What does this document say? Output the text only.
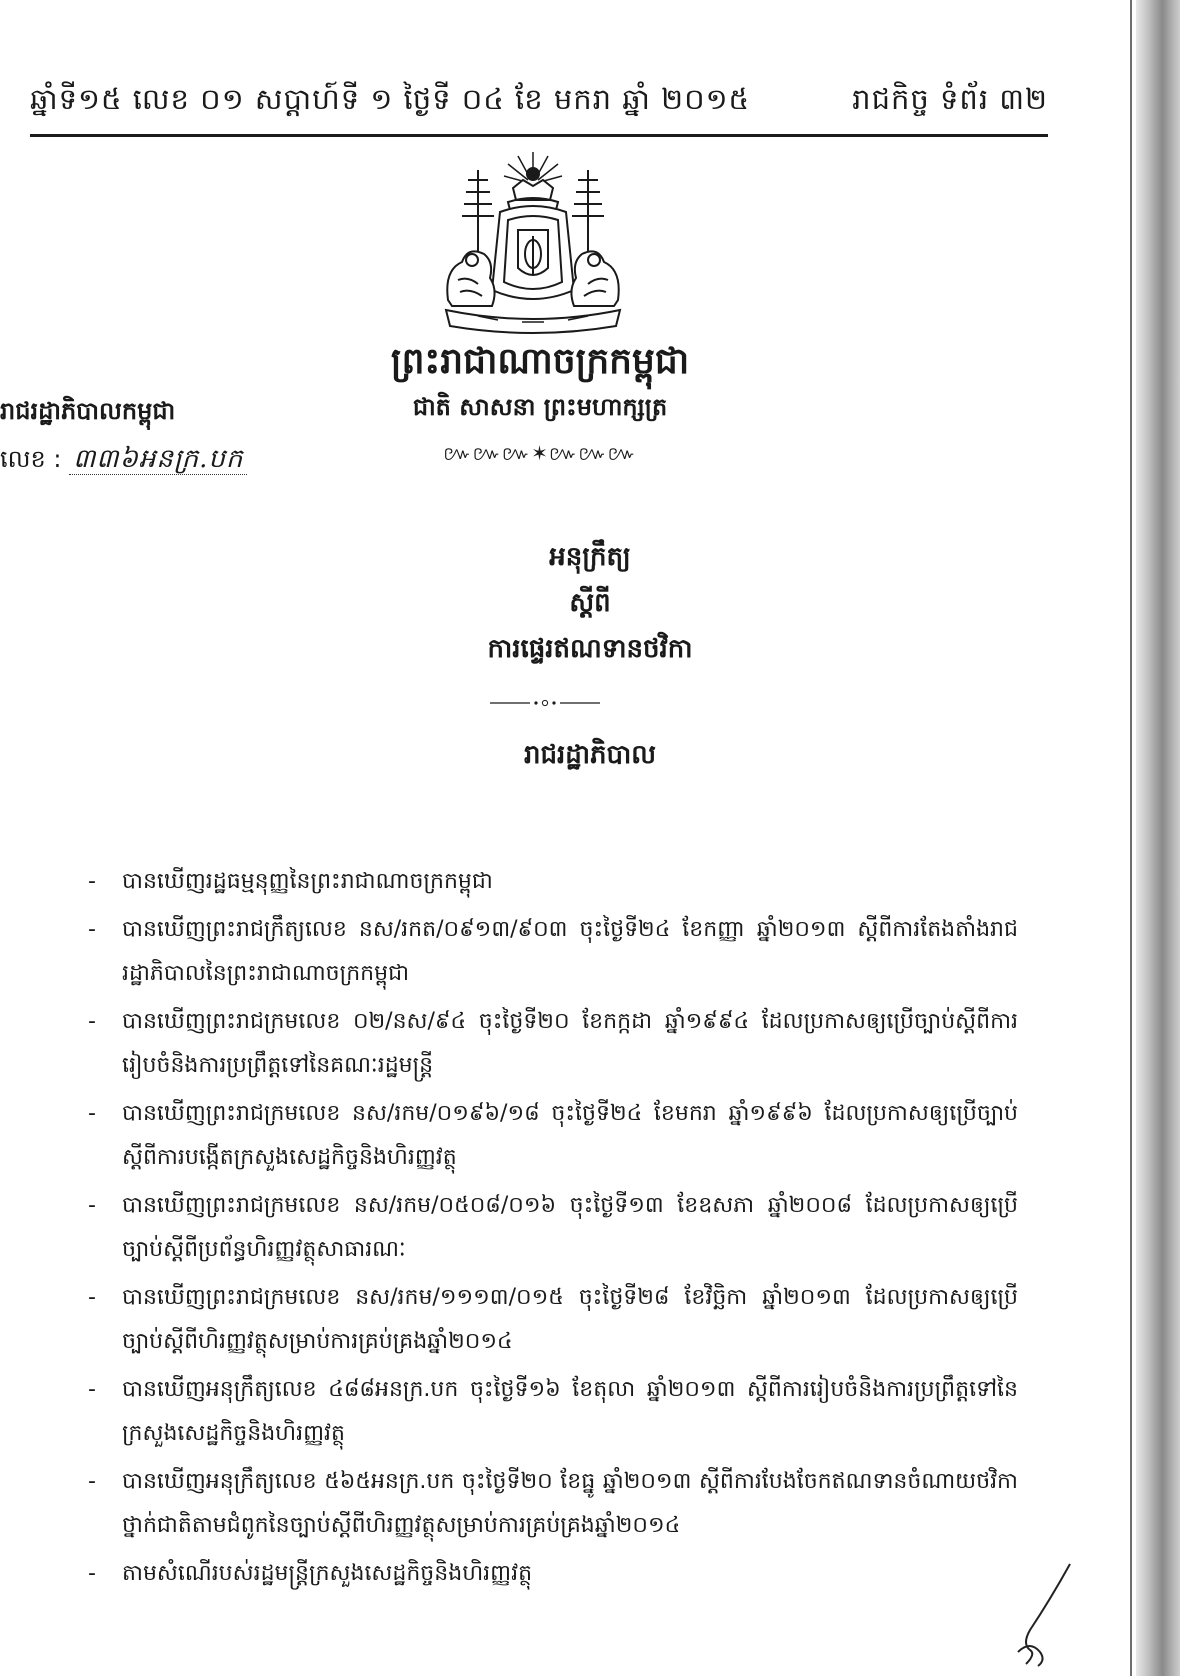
ឆ្នាំទី១៥ លេខ ០១ សប្តាហ៍ទី ១ ថ្ងៃទី ០៤ ខែ មករា ឆ្នាំ ២០១៥	រាជកិច្ច ទំព័រ ៣២
ព្រះរាជាណាចក្រកម្ពុជា
ជាតិ សាសនា ព្រះមហាក្សត្រ
៚៚៚✶៚៚៚
រាជរដ្ឋាភិបាលកម្ពុជា
លេខ : ៣៣៦អនក្រ.បក
អនុក្រឹត្យ
ស្តីពី
ការផ្ទេរឥណទានថវិកា
រាជរដ្ឋាភិបាល
- បានឃើញរដ្ឋធម្មនុញ្ញនៃព្រះរាជាណាចក្រកម្ពុជា
- បានឃើញព្រះរាជក្រឹត្យលេខ នស/រកត/០៩១៣/៩០៣ ចុះថ្ងៃទី២៤ ខែកញ្ញា ឆ្នាំ២០១៣ ស្តីពីការតែងតាំងរាជរដ្ឋាភិបាលនៃព្រះរាជាណាចក្រកម្ពុជា
- បានឃើញព្រះរាជក្រមលេខ ០២/នស/៩៤ ចុះថ្ងៃទី២០ ខែកក្កដា ឆ្នាំ១៩៩៤ ដែលប្រកាសឲ្យប្រើច្បាប់ស្តីពីការរៀបចំនិងការប្រព្រឹត្តទៅនៃគណៈរដ្ឋមន្ត្រី
- បានឃើញព្រះរាជក្រមលេខ នស/រកម/០១៩៦/១៨ ចុះថ្ងៃទី២៤ ខែមករា ឆ្នាំ១៩៩៦ ដែលប្រកាសឲ្យប្រើច្បាប់ស្តីពីការបង្កើតក្រសួងសេដ្ឋកិច្ចនិងហិរញ្ញវត្ថុ
- បានឃើញព្រះរាជក្រមលេខ នស/រកម/០៥០៨/០១៦ ចុះថ្ងៃទី១៣ ខែឧសភា ឆ្នាំ២០០៨ ដែលប្រកាសឲ្យប្រើច្បាប់ស្តីពីប្រព័ន្ធហិរញ្ញវត្ថុសាធារណៈ
- បានឃើញព្រះរាជក្រមលេខ នស/រកម/១១១៣/០១៥ ចុះថ្ងៃទី២៨ ខែវិច្ឆិកា ឆ្នាំ២០១៣ ដែលប្រកាសឲ្យប្រើច្បាប់ស្តីពីហិរញ្ញវត្ថុសម្រាប់ការគ្រប់គ្រងឆ្នាំ២០១៤
- បានឃើញអនុក្រឹត្យលេខ ៤៨៨អនក្រ.បក ចុះថ្ងៃទី១៦ ខែតុលា ឆ្នាំ២០១៣ ស្តីពីការរៀបចំនិងការប្រព្រឹត្តទៅនៃក្រសួងសេដ្ឋកិច្ចនិងហិរញ្ញវត្ថុ
- បានឃើញអនុក្រឹត្យលេខ ៥៦៥អនក្រ.បក ចុះថ្ងៃទី២០ ខែធ្នូ ឆ្នាំ២០១៣ ស្តីពីការបែងចែកឥណទានចំណាយថវិកាថ្នាក់ជាតិតាមជំពូកនៃច្បាប់ស្តីពីហិរញ្ញវត្ថុសម្រាប់ការគ្រប់គ្រងឆ្នាំ២០១៤
- តាមសំណើរបស់រដ្ឋមន្ត្រីក្រសួងសេដ្ឋកិច្ចនិងហិរញ្ញវត្ថុ
